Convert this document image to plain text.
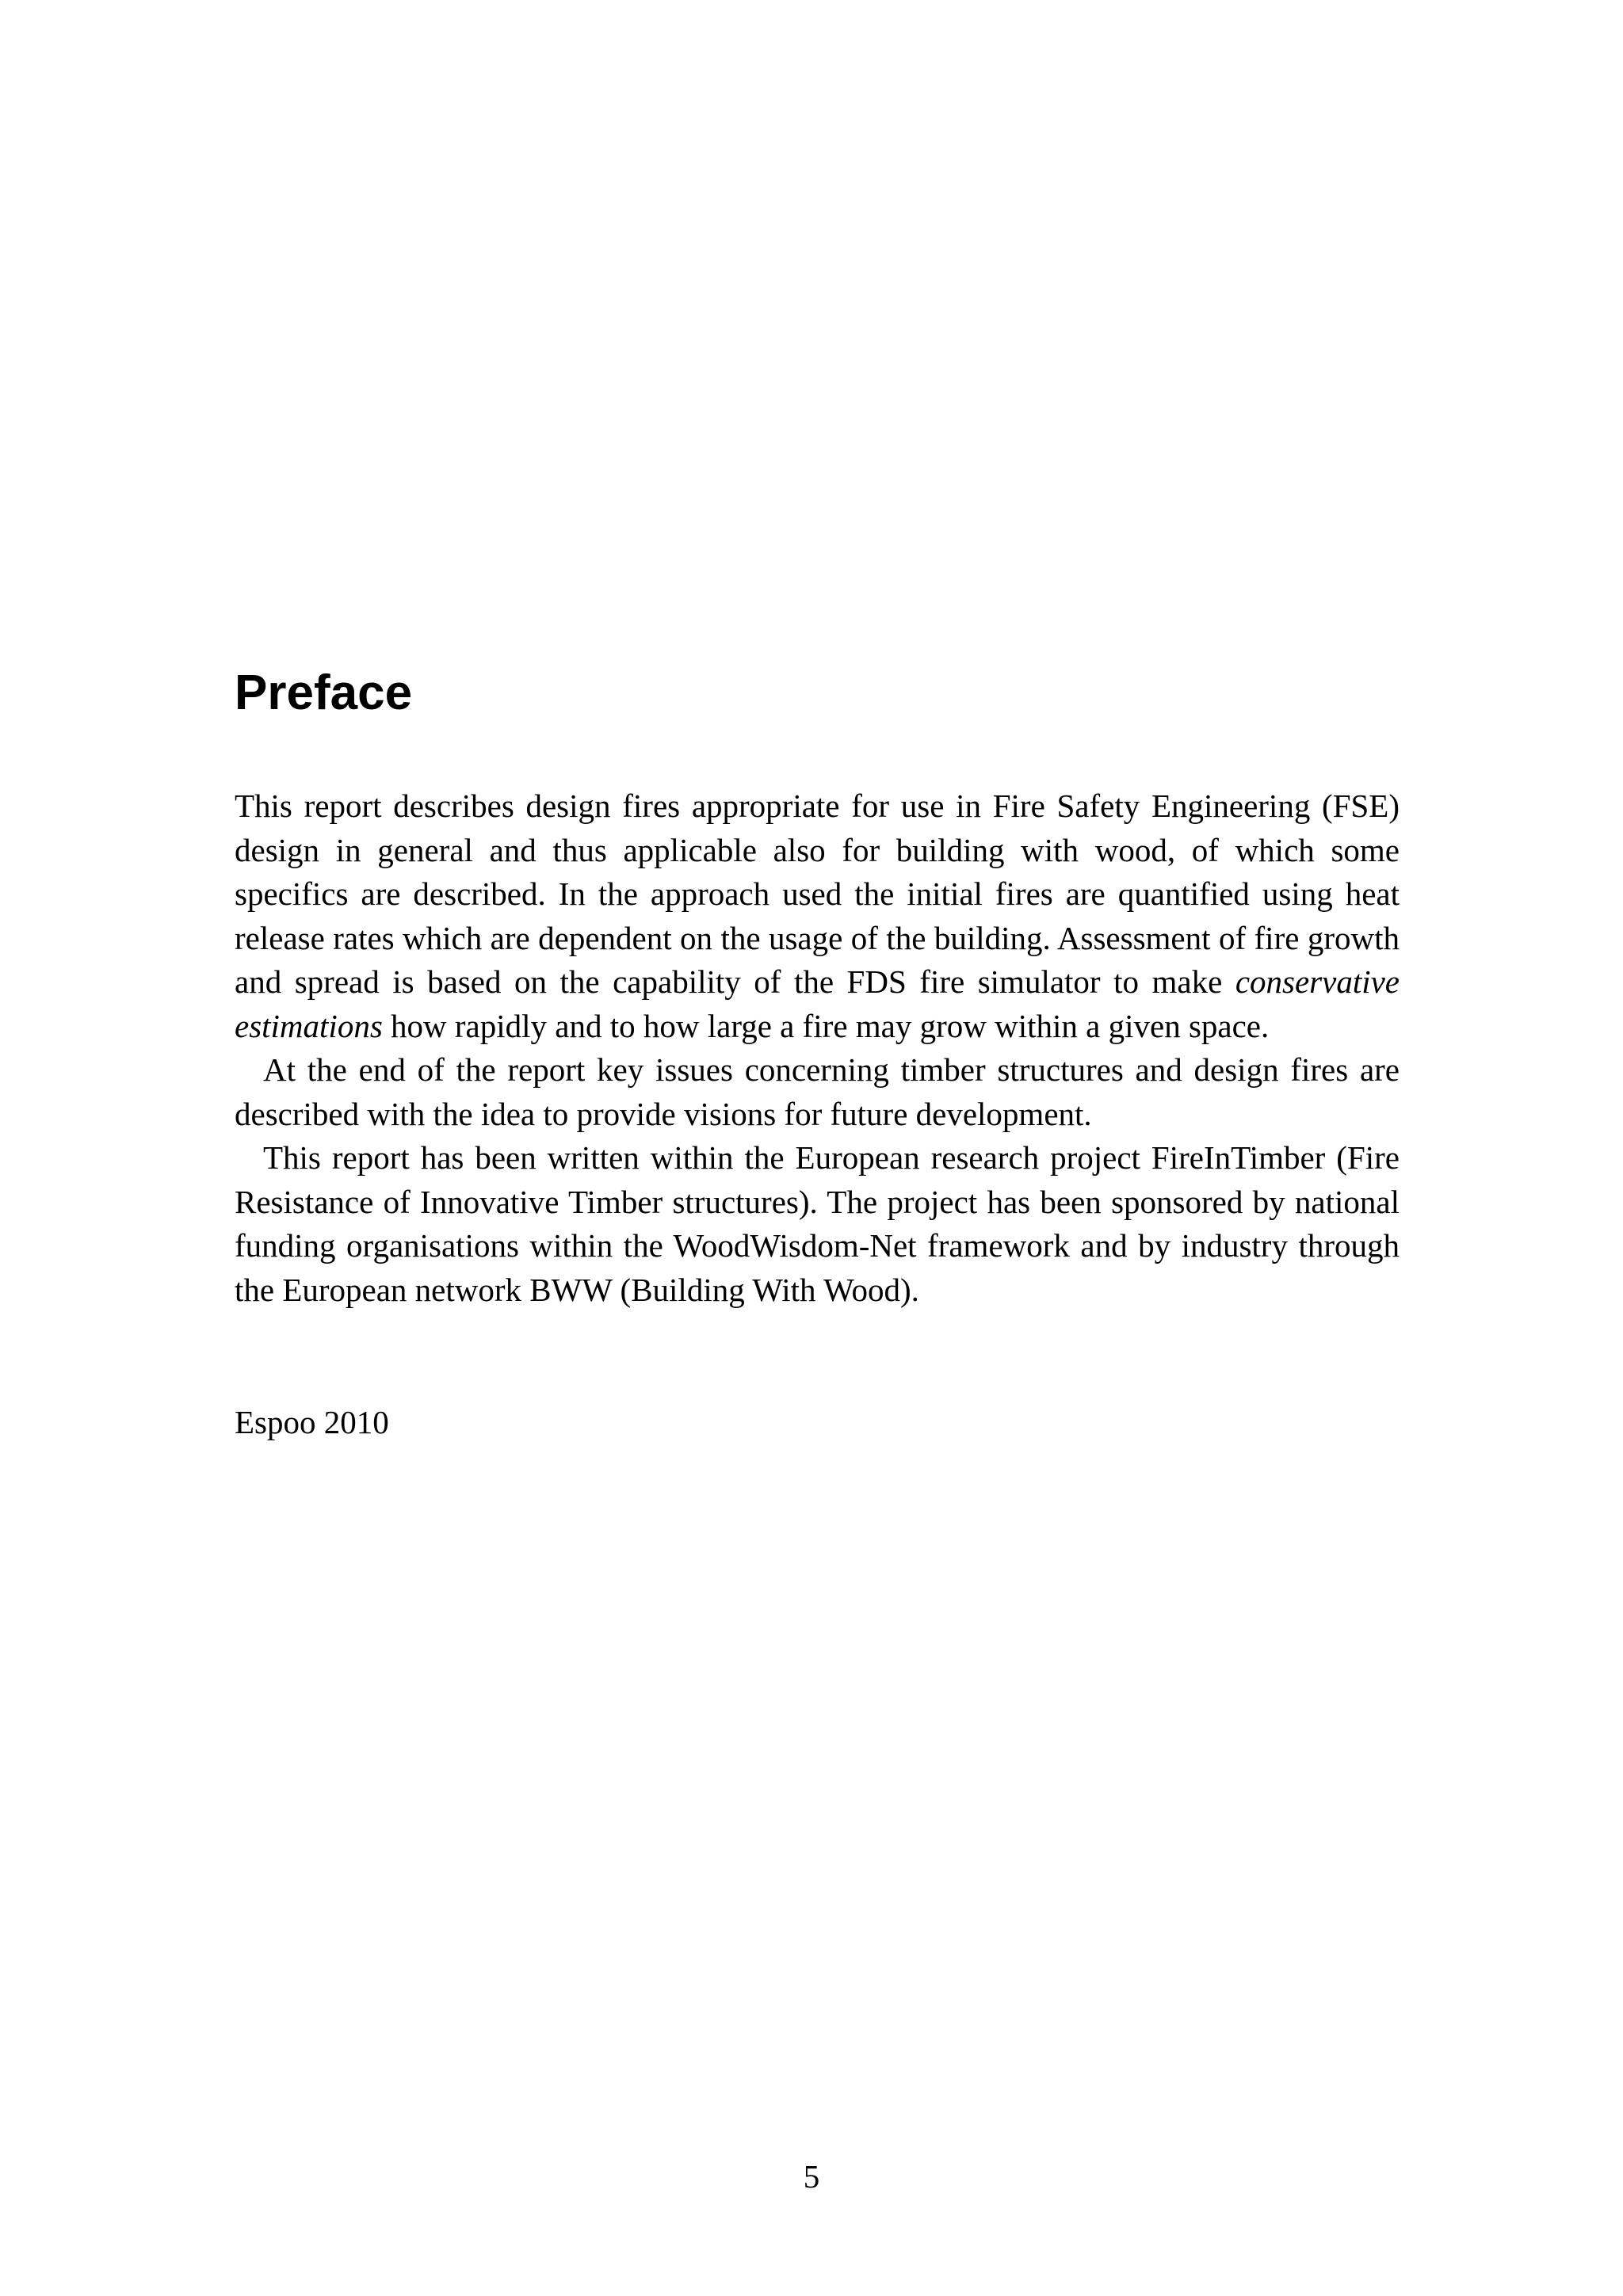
Preface

This report describes design fires appropriate for use in Fire Safety Engineering (FSE) design in general and thus applicable also for building with wood, of which some specifics are described. In the approach used the initial fires are quantified using heat release rates which are dependent on the usage of the building. Assessment of fire growth and spread is based on the capability of the FDS fire simulator to make conservative estimations how rapidly and to how large a fire may grow within a given space.

At the end of the report key issues concerning timber structures and design fires are described with the idea to provide visions for future development.

This report has been written within the European research project FireInTimber (Fire Resistance of Innovative Timber structures). The project has been sponsored by national funding organisations within the WoodWisdom-Net framework and by industry through the European network BWW (Building With Wood).

Espoo 2010

5
